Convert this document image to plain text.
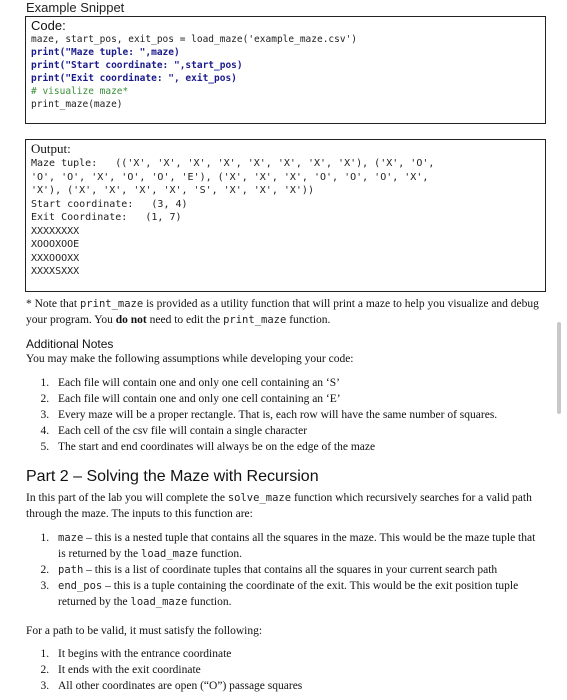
Example Snippet
Code:
maze, start_pos, exit_pos = load_maze('example_maze.csv')
print("Maze tuple: ",maze)
print("Start coordinate: ",start_pos)
print("Exit coordinate: ", exit_pos)
# visualize maze*
print_maze(maze)
Output:
Maze tuple:   (('X', 'X', 'X', 'X', 'X', 'X', 'X', 'X'), ('X', 'O',
'O', 'O', 'X', 'O', 'O', 'E'), ('X', 'X', 'X', 'O', 'O', 'O', 'X',
'X'), ('X', 'X', 'X', 'X', 'S', 'X', 'X', 'X'))
Start coordinate:   (3, 4)
Exit Coordinate:   (1, 7)
XXXXXXXX
XOOOXOOE
XXXOOOXX
XXXXSXXX
* Note that print_maze is provided as a utility function that will print a maze to help you visualize and debug your program. You do not need to edit the print_maze function.
Additional Notes
You may make the following assumptions while developing your code:
1. Each file will contain one and only one cell containing an ‘S’
2. Each file will contain one and only one cell containing an ‘E’
3. Every maze will be a proper rectangle. That is, each row will have the same number of squares.
4. Each cell of the csv file will contain a single character
5. The start and end coordinates will always be on the edge of the maze
Part 2 – Solving the Maze with Recursion
In this part of the lab you will complete the solve_maze function which recursively searches for a valid path through the maze. The inputs to this function are:
1. maze – this is a nested tuple that contains all the squares in the maze. This would be the maze tuple that is returned by the load_maze function.
2. path – this is a list of coordinate tuples that contains all the squares in your current search path
3. end_pos – this is a tuple containing the coordinate of the exit. This would be the exit position tuple returned by the load_maze function.
For a path to be valid, it must satisfy the following:
1. It begins with the entrance coordinate
2. It ends with the exit coordinate
3. All other coordinates are open (“O”) passage squares
